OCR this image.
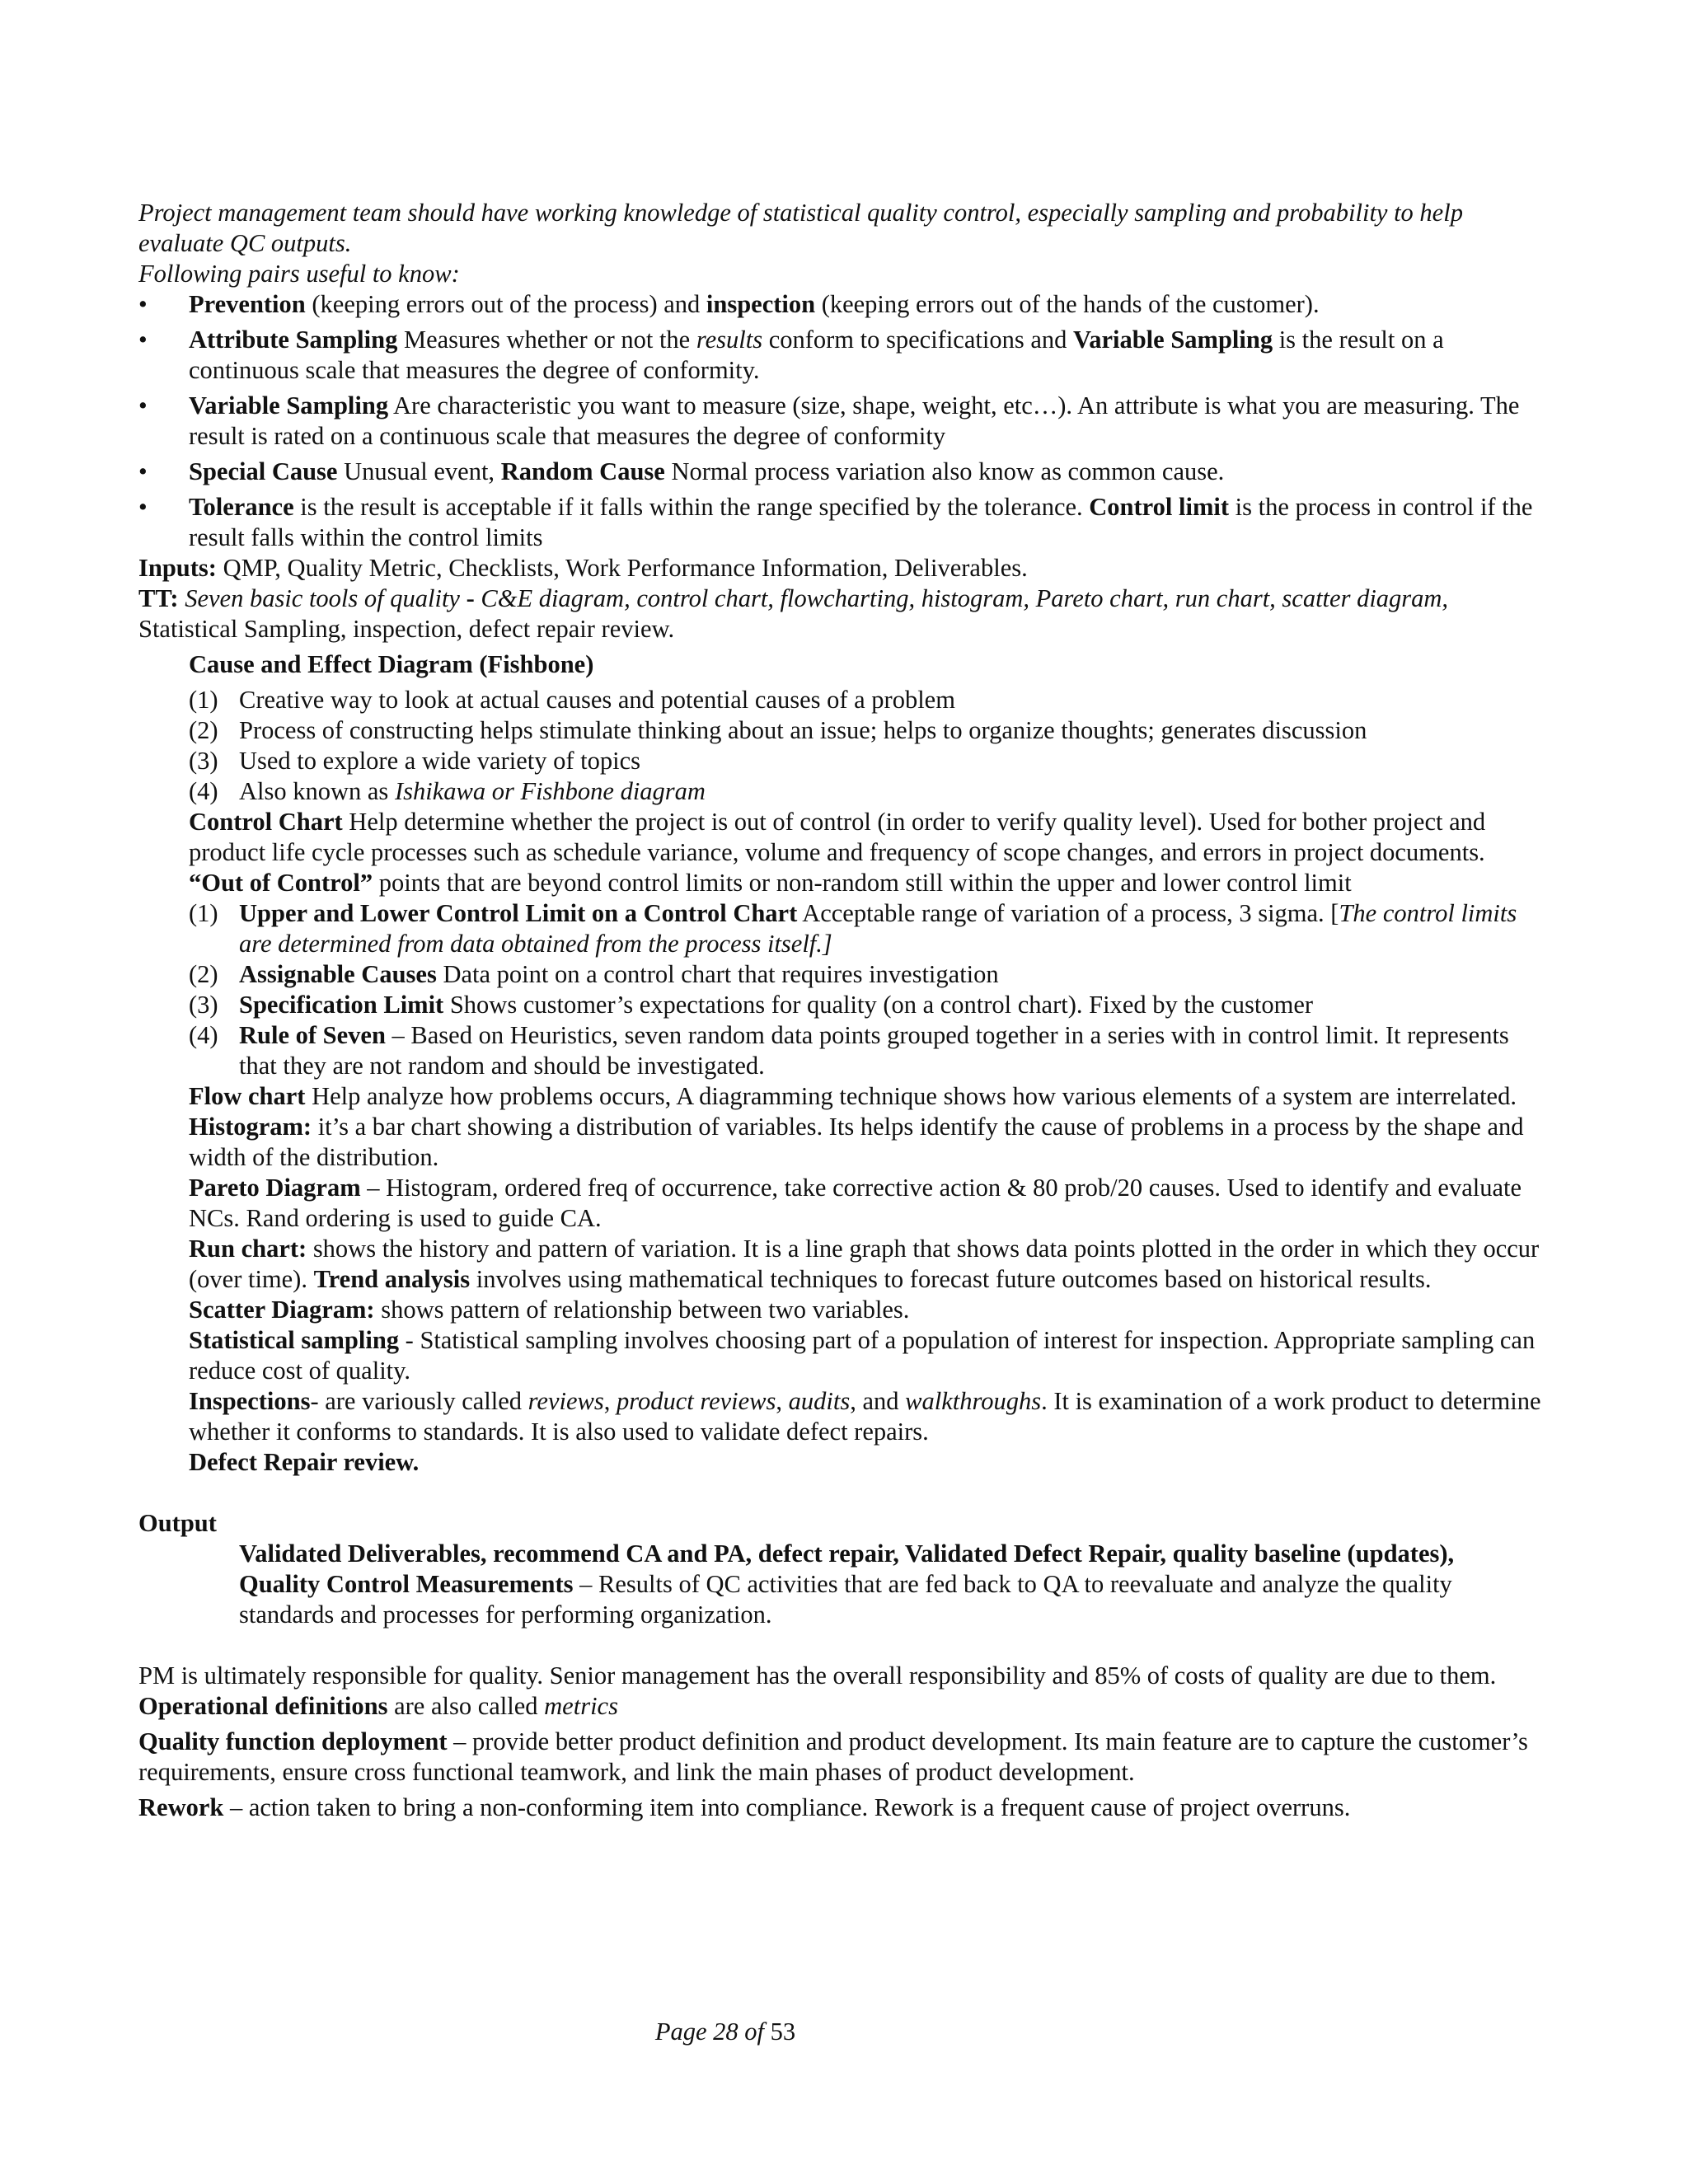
Project management team should have working knowledge of statistical quality control, especially sampling and probability to help evaluate QC outputs.

Following pairs useful to know:

• Prevention (keeping errors out of the process) and inspection (keeping errors out of the hands of the customer).

• Attribute Sampling Measures whether or not the results conform to specifications and Variable Sampling is the result on a continuous scale that measures the degree of conformity.

• Variable Sampling Are characteristic you want to measure (size, shape, weight, etc…). An attribute is what you are measuring. The result is rated on a continuous scale that measures the degree of conformity

• Special Cause Unusual event, Random Cause Normal process variation also know as common cause.

• Tolerance is the result is acceptable if it falls within the range specified by the tolerance. Control limit is the process in control if the result falls within the control limits

Inputs: QMP, Quality Metric, Checklists, Work Performance Information, Deliverables.

TT: Seven basic tools of quality - C&E diagram, control chart, flowcharting, histogram, Pareto chart, run chart, scatter diagram, Statistical Sampling, inspection, defect repair review.

Cause and Effect Diagram (Fishbone)

(1) Creative way to look at actual causes and potential causes of a problem

(2) Process of constructing helps stimulate thinking about an issue; helps to organize thoughts; generates discussion

(3) Used to explore a wide variety of topics

(4) Also known as Ishikawa or Fishbone diagram

Control Chart Help determine whether the project is out of control (in order to verify quality level). Used for bother project and product life cycle processes such as schedule variance, volume and frequency of scope changes, and errors in project documents.

“Out of Control” points that are beyond control limits or non-random still within the upper and lower control limit

(1) Upper and Lower Control Limit on a Control Chart Acceptable range of variation of a process, 3 sigma. [The control limits are determined from data obtained from the process itself.]

(2) Assignable Causes Data point on a control chart that requires investigation

(3) Specification Limit Shows customer’s expectations for quality (on a control chart). Fixed by the customer

(4) Rule of Seven – Based on Heuristics, seven random data points grouped together in a series with in control limit. It represents that they are not random and should be investigated.

Flow chart Help analyze how problems occurs, A diagramming technique shows how various elements of a system are interrelated.

Histogram: it’s a bar chart showing a distribution of variables. Its helps identify the cause of problems in a process by the shape and width of the distribution.

Pareto Diagram – Histogram, ordered freq of occurrence, take corrective action & 80 prob/20 causes. Used to identify and evaluate NCs. Rand ordering is used to guide CA.

Run chart: shows the history and pattern of variation. It is a line graph that shows data points plotted in the order in which they occur (over time). Trend analysis involves using mathematical techniques to forecast future outcomes based on historical results.

Scatter Diagram: shows pattern of relationship between two variables.

Statistical sampling - Statistical sampling involves choosing part of a population of interest for inspection. Appropriate sampling can reduce cost of quality.

Inspections- are variously called reviews, product reviews, audits, and walkthroughs. It is examination of a work product to determine whether it conforms to standards. It is also used to validate defect repairs.

Defect Repair review.

Output

Validated Deliverables, recommend CA and PA, defect repair, Validated Defect Repair, quality baseline (updates),

Quality Control Measurements – Results of QC activities that are fed back to QA to reevaluate and analyze the quality standards and processes for performing organization.

PM is ultimately responsible for quality. Senior management has the overall responsibility and 85% of costs of quality are due to them.

Operational definitions are also called metrics

Quality function deployment – provide better product definition and product development. Its main feature are to capture the customer’s requirements, ensure cross functional teamwork, and link the main phases of product development.

Rework – action taken to bring a non-conforming item into compliance. Rework is a frequent cause of project overruns.

Page 28 of 53
